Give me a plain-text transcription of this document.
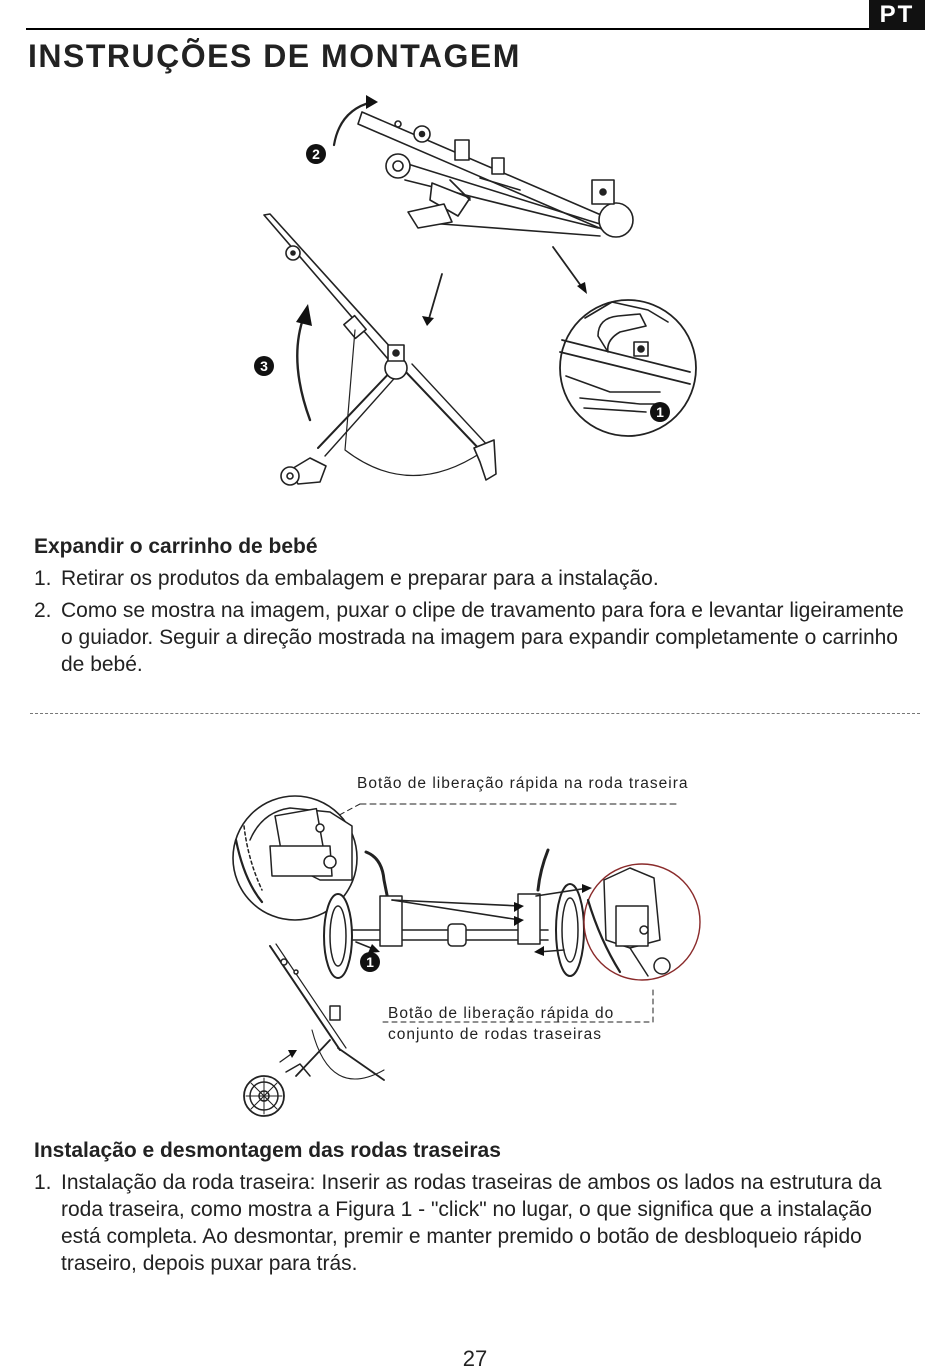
PT
INSTRUÇÕES DE MONTAGEM
2
3
1
Expandir o carrinho de bebé
1. Retirar os produtos da embalagem e preparar para a instalação.
2. Como se mostra na imagem, puxar o clipe de travamento para fora e levantar ligeiramente o guiador. Seguir a direção mostrada na imagem para expandir completamente o carrinho de bebé.
1
Botão de liberação rápida na roda traseira
Botão de liberação rápida do
conjunto de rodas traseiras
Instalação e desmontagem das rodas traseiras
1. Instalação da roda traseira: Inserir as rodas traseiras de ambos os lados na estrutura da roda traseira, como mostra a Figura 1 - "click" no lugar, o que significa que a instalação está completa. Ao desmontar, premir e manter premido o botão de desbloqueio rápido traseiro, depois puxar para trás.
27
